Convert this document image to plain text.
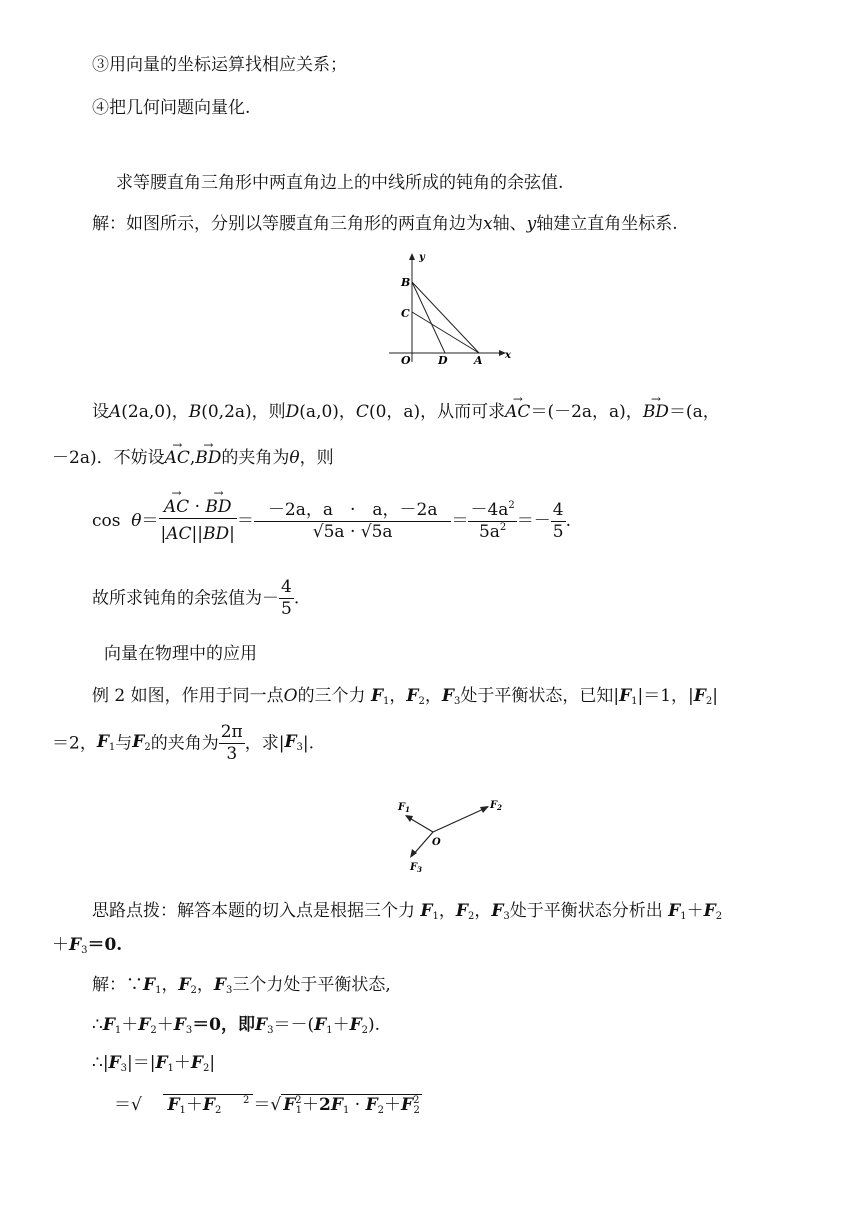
③用向量的坐标运算找相应关系；
④把几何问题向量化.
求等腰直角三角形中两直角边上的中线所成的钝角的余弦值.
解：如图所示，分别以等腰直角三角形的两直角边为x轴、y轴建立直角坐标系.
y
x
B
C
O D A
设A(2a,0)，B(0,2a)，则D(a,0)，C(0，a)，从而可求→ AC＝(－2a，a)，→ BD＝(a，
－2a)．不妨设→ AC,→ BD的夹角为θ，则
cos θ＝
→ $\frac{AC \cdot \to BD}{|AC||BD|} = \frac{-2a,a \cdot a,-2a}{√5a \cdot √5a} = \frac{-4a^2}{5a^2} =- \frac{4}{5}$ .
故所求钝角的余弦值为－ $\frac{4}{5}$ .
向量在物理中的应用
例 2 如图，作用于同一点O的三个力 $F_1$，$F_2$，$F_3$处于平衡状态，已知$|F_1|=1$，$|F_2|$
＝2，$F_1$与$F_2$的夹角为 $\frac{2\pi}{3}$ ，求$|F_3|$.
$F_1$	$F_2$
$F_3$
O
思路点拨：解答本题的切入点是根据三个力 $F_1$，$F_2$，$F_3$处于平衡状态分析出 $F_1+F_2$
$+F_3=0$.
解：$\because F_1$，$F_2$，$F_3$三个力处于平衡状态,
$\therefore F_1+F_2+F_3=0$，即$F_3=-(F_1+F_2)$.
$\therefore|F_3|=|F_1+F_2|$
＝√ $F_1+F_2$    $^2$ ＝√ $F^2_1+2F_1 \cdot F_2+F^2_2$
